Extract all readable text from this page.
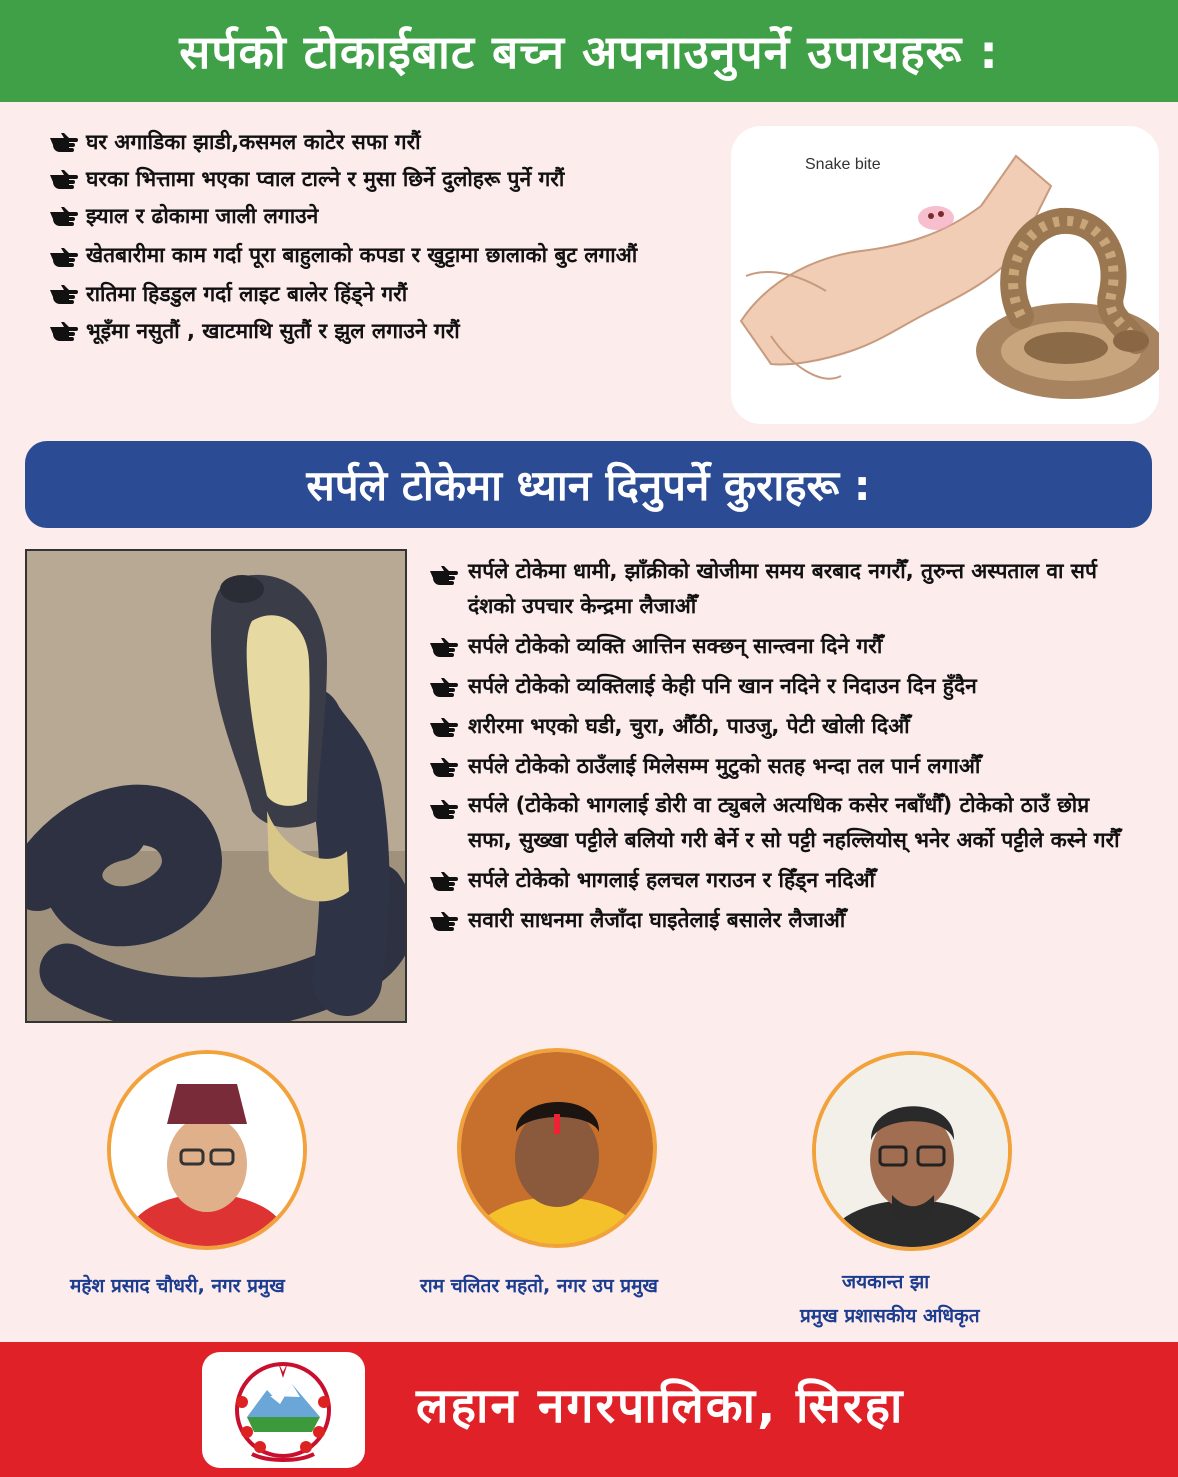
सर्पको टोकाईबाट बच्न अपनाउनुपर्ने उपायहरू :
घर अगाडिका झाडी,कसमल काटेर सफा गरौं
घरका भित्तामा भएका प्वाल टाल्ने र मुसा छिर्ने दुलोहरू पुर्ने गरौं
झ्याल र ढोकामा जाली लगाउने
खेतबारीमा काम गर्दा पूरा बाहुलाको कपडा र खुट्टामा छालाको बुट लगाऔं
रातिमा हिडडुल गर्दा लाइट बालेर हिंड्ने गरौं
भूइँमा नसुतौं , खाटमाथि सुतौं र झुल लगाउने गरौं
Snake bite
सर्पले टोकेमा ध्यान दिनुपर्ने कुराहरू :
सर्पले टोकेमा धामी, झाँक्रीको खोजीमा समय बरबाद नगरौँ, तुरुन्त अस्पताल वा सर्प दंशको उपचार केन्द्रमा लैजाऔँ
सर्पले टोकेको व्यक्ति आत्तिन सक्छन् सान्त्वना दिने गरौँ
सर्पले टोकेको व्यक्तिलाई केही पनि खान नदिने र निदाउन दिन हुँदैन
शरीरमा भएको घडी, चुरा, औँठी, पाउजु, पेटी खोली दिऔँ
सर्पले टोकेको ठाउँलाई मिलेसम्म मुटुको सतह भन्दा तल पार्न लगाऔँ
सर्पले (टोकेको भागलाई डोरी वा ट्युबले अत्यधिक कसेर नबाँधौँ) टोकेको ठाउँ छोप्न सफा, सुख्खा पट्टीले बलियो गरी बेर्ने र सो पट्टी नहल्लियोस् भनेर अर्को पट्टीले कस्ने गरौँ
सर्पले टोकेको भागलाई हलचल गराउन र हिँड्न नदिऔँ
सवारी साधनमा लैजाँदा घाइतेलाई बसालेर लैजाऔँ
महेश प्रसाद चौधरी, नगर प्रमुख	राम चलितर महतो, नगर उप प्रमुख	जयकान्त झा
प्रमुख प्रशासकीय अधिकृत
लहान नगरपालिका, सिरहा
